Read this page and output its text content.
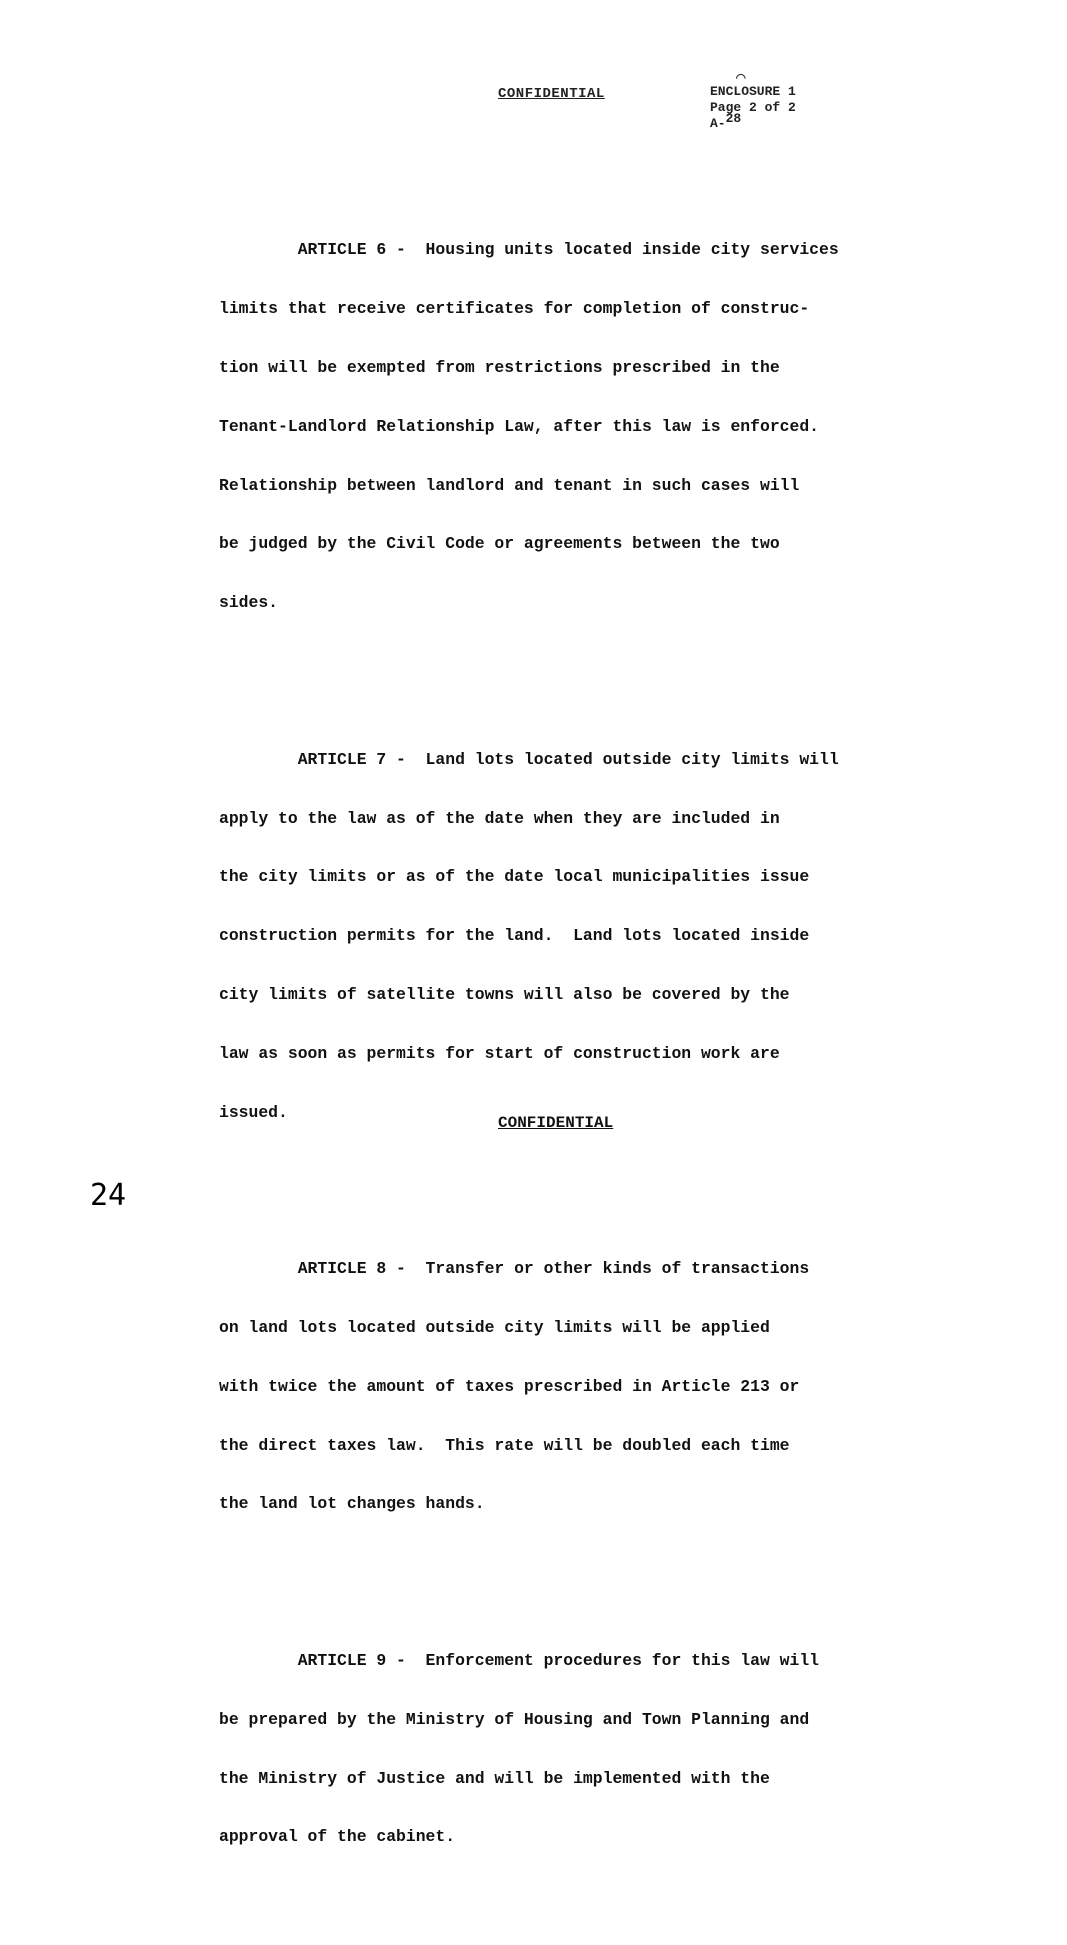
CONFIDENTIAL
⌒
ENCLOSURE 1
Page 2 of 2
A-28

ARTICLE 6 -  Housing units located inside city services

limits that receive certificates for completion of construc-

tion will be exempted from restrictions prescribed in the

Tenant-Landlord Relationship Law, after this law is enforced.

Relationship between landlord and tenant in such cases will

be judged by the Civil Code or agreements between the two

sides.

ARTICLE 7 -  Land lots located outside city limits will

apply to the law as of the date when they are included in

the city limits or as of the date local municipalities issue

construction permits for the land.  Land lots located inside

city limits of satellite towns will also be covered by the

law as soon as permits for start of construction work are

issued.

ARTICLE 8 -  Transfer or other kinds of transactions

on land lots located outside city limits will be applied

with twice the amount of taxes prescribed in Article 213 or

the direct taxes law.  This rate will be doubled each time

the land lot changes hands.

ARTICLE 9 -  Enforcement procedures for this law will

be prepared by the Ministry of Housing and Town Planning and

the Ministry of Justice and will be implemented with the

approval of the cabinet.

CONFIDENTIAL
24
